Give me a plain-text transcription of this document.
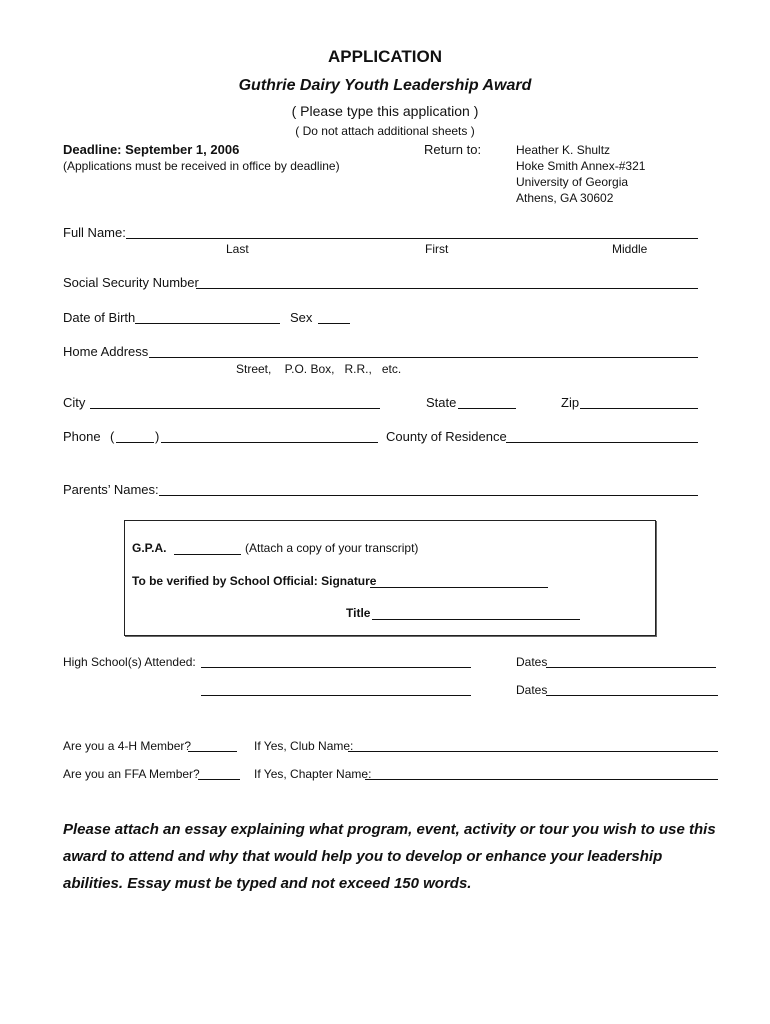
APPLICATION
Guthrie Dairy Youth Leadership Award
( Please type this application )
( Do not attach additional sheets )
Deadline: September 1, 2006
(Applications must be received in office by deadline)
Return to:	Heather K. Shultz
Hoke Smith Annex-#321
University of Georgia
Athens, GA 30602
Full Name:
Last	First	Middle
Social Security Number
Date of Birth	Sex
Home Address
Street,    P.O. Box,   R.R.,   etc.
City	State	Zip
Phone (	)	County of Residence
Parents’ Names:
G.P.A.	(Attach a copy of your transcript)
To be verified by School Official: Signature
Title
High School(s) Attended:	Dates
Dates
Are you a 4-H Member?	If Yes, Club Name:
Are you an FFA Member?	If Yes, Chapter Name:
Please attach an essay explaining what program, event, activity or tour you wish to use this award to attend and why that would help you to develop or enhance your leadership abilities. Essay must be typed and not exceed 150 words.
